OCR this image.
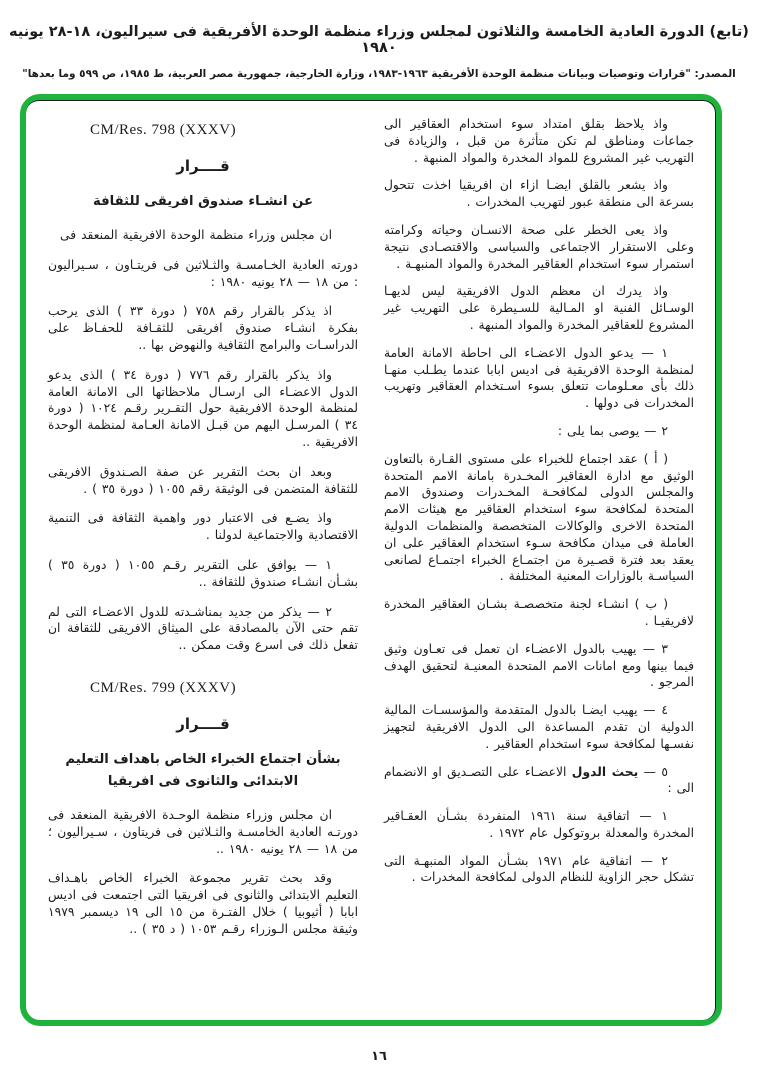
(تابع) الدورة العادية الخامسة والثلاثون لمجلس وزراء منظمة الوحدة الأفريقية فى سيراليون، ١٨-٢٨ يونيه ١٩٨٠
المصدر: "قرارات وتوصيات وبيانات منظمة الوحدة الأفريقية ١٩٦٣-١٩٨٣، وزارة الخارجية، جمهورية مصر العربية، ط ١٩٨٥، ص ٥٩٩ وما بعدها"

واذ يلاحظ بقلق امتداد سوء استخدام العقاقير الى جماعات ومناطق لم تكن متأثرة من قبل ، والزيادة فى التهريب غير المشروع للمواد المخدرة والمواد المنبهة .

واذ يشعر بالقلق ايضـا ازاء ان افريقيا اخذت تتحول بسرعة الى منطقة عبور لتهريب المخدرات .

واذ يعى الخطر على صحة الانسـان وحياته وكرامته وعلى الاستقرار الاجتماعى والسياسى والاقتصـادى نتيجة استمرار سوء استخدام العقاقير المخدرة والمواد المنبهـة .

واذ يدرك ان معظم الدول الافريقية ليس لديهـا الوسـائل الفنية او المـالية للسـيطرة على التهريب غير المشروع للعقاقير المخدرة والمواد المنبهة .

١ — يدعو الدول الاعضـاء الى احاطة الامانة العامة لمنظمة الوحدة الافريقية فى اديس ابابا عندما يطـلب منهـا ذلك بأى معـلومات تتعلق بسوء اسـتخدام العقاقير وتهريب المخدرات فى دولها .

٢ — يوصى بما يلى :

( أ ) عقد اجتماع للخبراء على مستوى القـارة بالتعاون الوثيق مع ادارة العقاقير المخـدرة بامانة الامم المتحدة والمجلس الدولى لمكافحـة المخـدرات وصندوق الامم المتحدة لمكافحة سوء استخدام العقاقير مع هيئات الامم المتحدة الاخرى والوكالات المتخصصة والمنظمات الدولية العاملة فى ميدان مكافحة سـوء استخدام العقاقير على ان يعقد بعد فترة قصـيرة من اجتمـاع الخبراء اجتمـاع لصانعى السياسـة بالوزارات المعنية المختلفة .

( ب ) انشـاء لجنة متخصصـة بشـان العقاقير المخدرة لافريقيـا .

٣ — يهيب بالدول الاعضـاء ان تعمل فى تعـاون وثيق فيما بينها ومع امانات الامم المتحدة المعنيـة لتحقيق الهدف المرجو .

٤ — يهيب ايضـا بالدول المتقدمة والمؤسسـات المالية الدولية ان تقدم المساعدة الى الدول الافريقية لتجهيز نفسـها لمكافحة سوء استخدام العقاقير .

٥ — يحث الدول الاعضـاء على التصـديق او الانضمام الى :

١ — اتفاقية سنة ١٩٦١ المنفردة بشـأن العقـاقير المخدرة والمعدلة بروتوكول عام ١٩٧٢ .

٢ — اتفاقية عام ١٩٧١ بشـأن المواد المنبهـة التى تشكل حجر الزاوية للنظام الدولى لمكافحة المخدرات .

CM/Res. 798 (XXXV)
قــــرار
عن انشـاء صندوق افريقى للثقافة

ان مجلس وزراء منظمة الوحدة الافريقية المنعقد فى

دورته العادية الخـامسـة والثـلاثين فى فريتـاون ، سـيراليون : من ١٨ — ٢٨ يونيه ١٩٨٠ :

اذ يذكر بالقرار رقم ٧٥٨ ( دورة ٣٣ ) الذى يرحب بفكرة انشـاء صندوق افريقى للثقـافة للحفـاظ على الدراسـات والبرامج الثقافية والنهوض بها ..

واذ يذكر بالقرار رقم ٧٧٦ ( دورة ٣٤ ) الذى يدعو الدول الاعضـاء الى ارسـال ملاحظاتها الى الامانة العامة لمنظمة الوحدة الافريقية حول التقـرير رقـم ١٠٢٤ ( دورة ٣٤ ) المرسـل اليهم من قبـل الامانة العـامة لمنظمة الوحدة الافريقية ..

وبعد ان بحث التقرير عن صفة الصـندوق الافريقى للثقافة المتضمن فى الوثيقة رقم ١٠٥٥ ( دورة ٣٥ ) .

واذ يضـع فى الاعتبار دور واهمية الثقافة فى التنمية الاقتصادية والاجتماعية لدولنا .

١ — يوافق على التقرير رقـم ١٠٥٥ ( دورة ٣٥ ) بشـأن انشـاء صندوق للثقافة ..

٢ — يذكر من جديد بمناشـدته للدول الاعضـاء التى لم تقم حتى الآن بالمصادقة على الميثاق الافريقى للثقافة ان تفعل ذلك فى اسرع وقت ممكن ..

CM/Res. 799 (XXXV)
قــــرار
بشأن اجتماع الخبراء الخاص باهداف التعليم
الابتدائى والثانوى فى افريقيا

ان مجلس وزراء منظمة الوحـدة الافريقية المنعقد فى دورتـه العادية الخامسـة والثـلاثين فى فريتاون ، سـيراليون ؛ من ١٨ — ٢٨ يونيه ١٩٨٠ ..

وقد بحث تقرير مجموعة الخبراء الخاص باهـداف التعليم الابتدائى والثانوى فى افريقيا التى اجتمعت فى اديس ابابا ( أثيوبيا ) خلال الفتـرة من ١٥ الى ١٩ ديسمبر ١٩٧٩ وثيقة مجلس الـوزراء رقـم ١٠٥٣ ( د ٣٥ ) ..

١٦
